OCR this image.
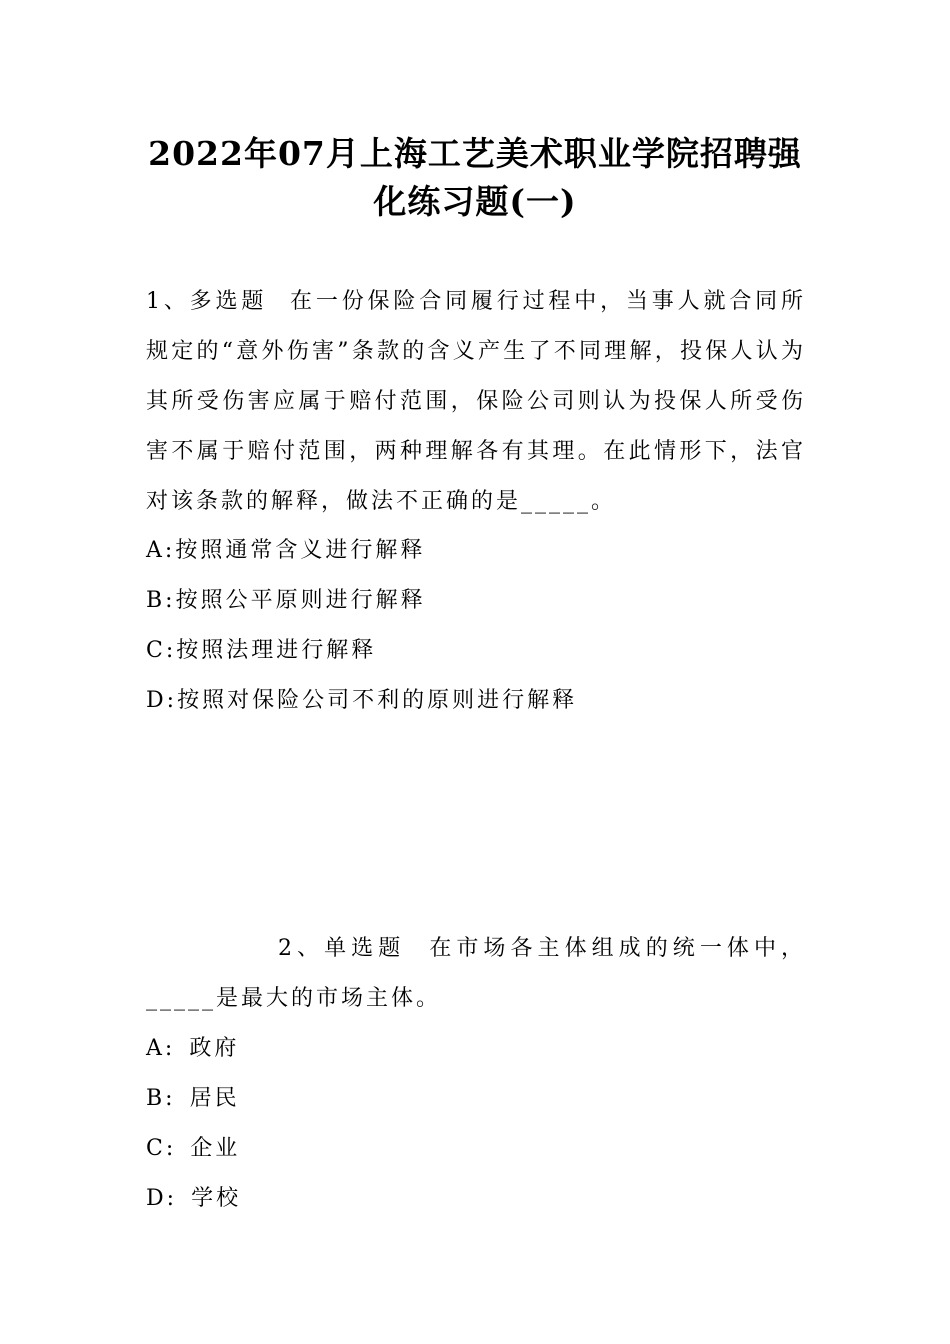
2022年07月上海工艺美术职业学院招聘强
化练习题(一)
1、多选题 在一份保险合同履行过程中，当事人就合同所规定的“意外伤害”条款的含义产生了不同理解，投保人认为其所受伤害应属于赔付范围，保险公司则认为投保人所受伤害不属于赔付范围，两种理解各有其理。在此情形下，法官对该条款的解释，做法不正确的是_____。
A:按照通常含义进行解释
B:按照公平原则进行解释
C:按照法理进行解释
D:按照对保险公司不利的原则进行解释
2、单选题 在市场各主体组成的统一体中，_____是最大的市场主体。
A: 政府
B: 居民
C: 企业
D: 学校
